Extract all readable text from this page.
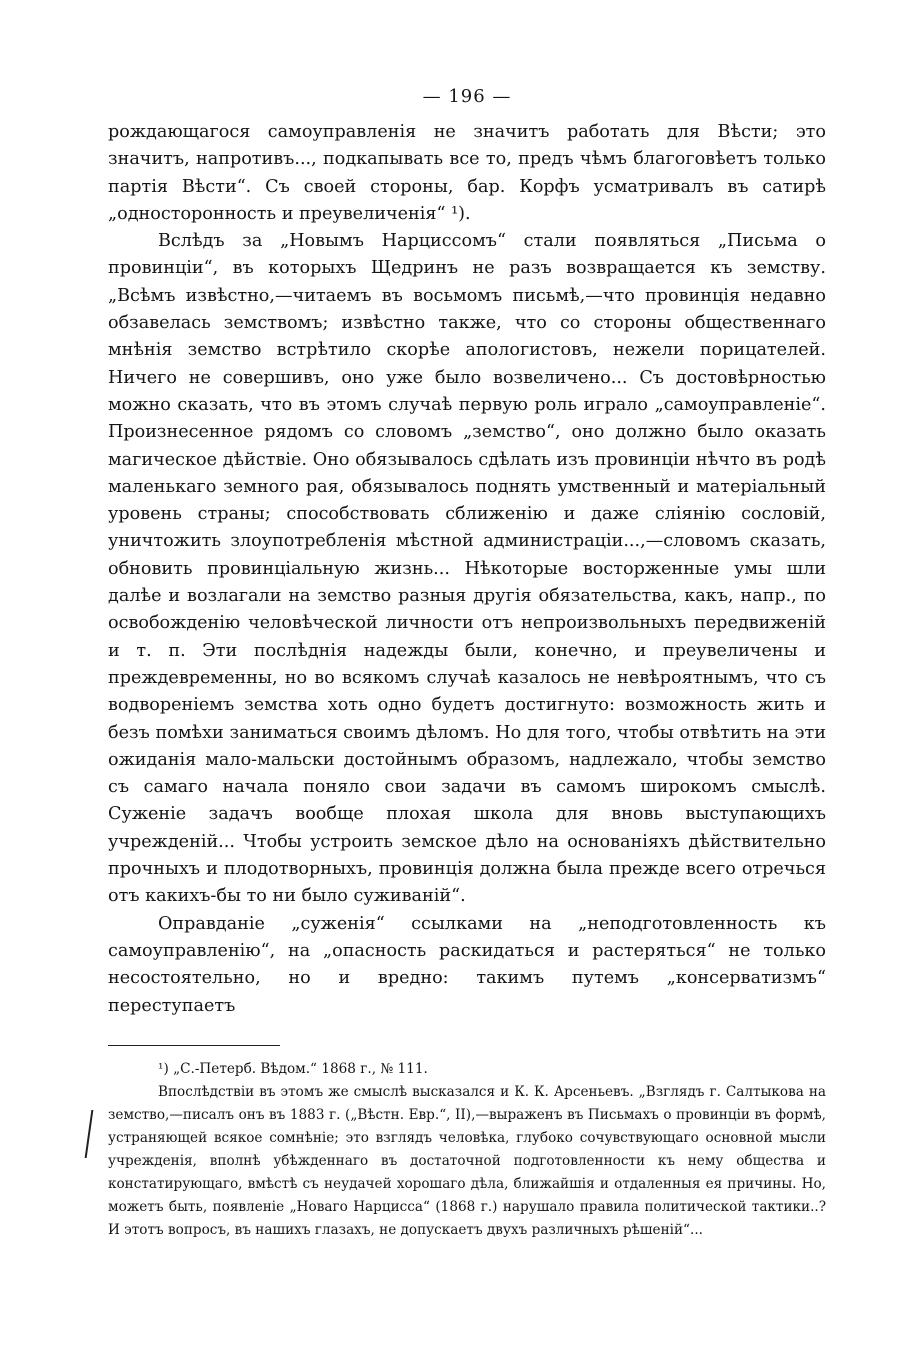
— 196 —

рождающагося самоуправленія не значитъ работать для Вѣсти; это значитъ, напротивъ..., подкапывать все то, предъ чѣмъ благоговѣетъ только партія Вѣсти“. Съ своей стороны, бар. Корфъ усматривалъ въ сатирѣ „односторонность и преувеличенія“ ¹).

Вслѣдъ за „Новымъ Нарциссомъ“ стали появляться „Письма о провинціи“, въ которыхъ Щедринъ не разъ возвращается къ земству. „Всѣмъ извѣстно,—читаемъ въ восьмомъ письмѣ,—что провинція недавно обзавелась земствомъ; извѣстно также, что со стороны общественнаго мнѣнія земство встрѣтило скорѣе апологистовъ, нежели порицателей. Ничего не совершивъ, оно уже было возвеличено... Съ достовѣрностью можно сказать, что въ этомъ случаѣ первую роль играло „самоуправленіе“. Произнесенное рядомъ со словомъ „земство“, оно должно было оказать магическое дѣйствіе. Оно обязывалось сдѣлать изъ провинціи нѣчто въ родѣ маленькаго земного рая, обязывалось поднять умственный и матеріальный уровень страны; способствовать сближенію и даже слiянію сословій, уничтожить злоупотребленія мѣстной администраціи...,—словомъ сказать, обновить провинціальную жизнь... Нѣкоторые восторженные умы шли далѣе и возлагали на земство разныя другія обязательства, какъ, напр., по освобожденію человѣческой личности отъ непроизвольныхъ передвиженій и т. п. Эти послѣднія надежды были, конечно, и преувеличены и преждевременны, но во всякомъ случаѣ казалось не невѣроятнымъ, что съ водвореніемъ земства хоть одно будетъ достигнуто: возможность жить и безъ помѣхи заниматься своимъ дѣломъ. Но для того, чтобы отвѣтить на эти ожиданія мало-мальски достойнымъ образомъ, надлежало, чтобы земство съ самаго начала поняло свои задачи въ самомъ широкомъ смыслѣ. Суженіе задачъ вообще плохая школа для вновь выступающихъ учрежденій... Чтобы устроить земское дѣло на основаніяхъ дѣйствительно прочныхъ и плодотворныхъ, провинція должна была прежде всего отречься отъ какихъ-бы то ни было суживаній“.

Оправданіе „суженія“ ссылками на „неподготовленность къ самоуправленію“, на „опасность раскидаться и растеряться“ не только несостоятельно, но и вредно: такимъ путемъ „консерватизмъ“ переступаетъ

¹) „С.-Петерб. Вѣдом.“ 1868 г., № 111.

Впослѣдствіи въ этомъ же смыслѣ высказался и К. К. Арсеньевъ. „Взглядъ г. Салтыкова на земство,—писалъ онъ въ 1883 г. („Вѣстн. Евр.“, II),—выраженъ въ Письмахъ о провинціи въ формѣ, устраняющей всякое сомнѣніе; это взглядъ человѣка, глубоко сочувствующаго основной мысли учрежденія, вполнѣ убѣжденнаго въ достаточной подготовленности къ нему общества и констатирующаго, вмѣстѣ съ неудачей хорошаго дѣла, ближайшія и отдаленныя ея причины. Но, можетъ быть, появленіе „Новаго Нарцисса“ (1868 г.) нарушало правила политической тактики..? И этотъ вопросъ, въ нашихъ глазахъ, не допускаетъ двухъ различныхъ рѣшеній“...
